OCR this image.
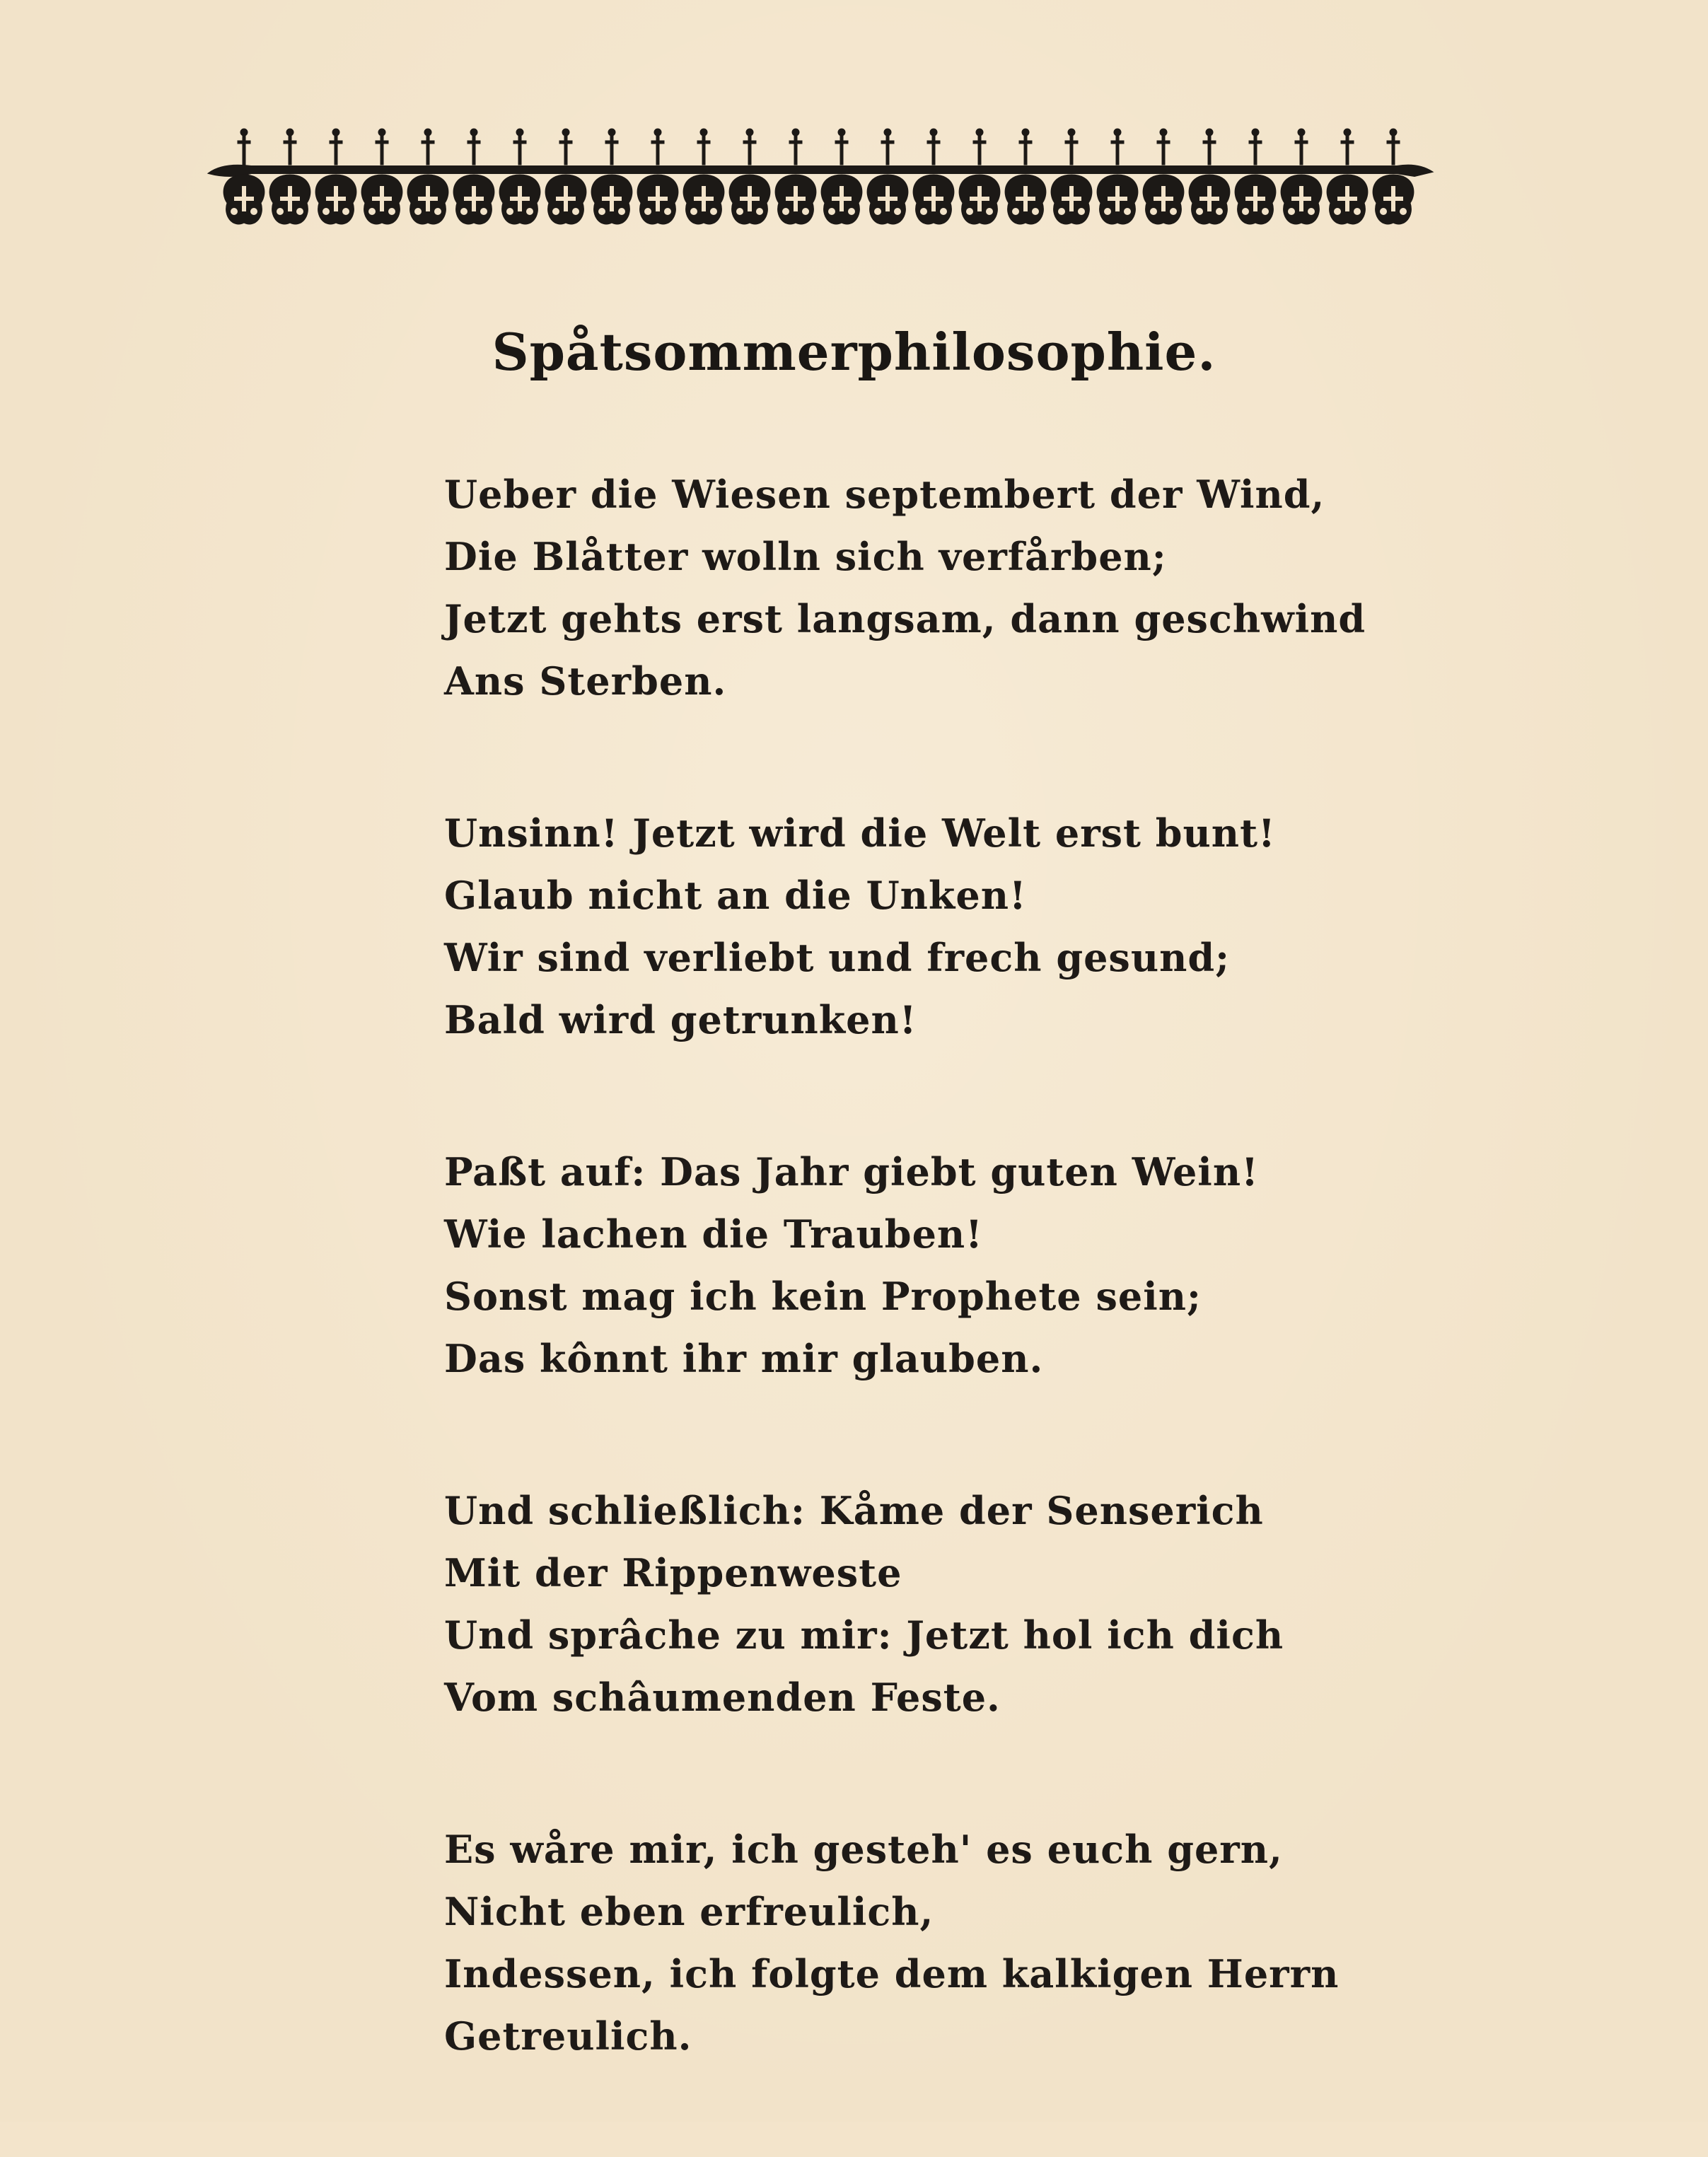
Spåtsommerphilosophie.
Ueber die Wiesen septembert der Wind,
Die Blåtter wolln sich verfårben;
Jetzt gehts erst langsam, dann geschwind
Ans Sterben.
Unsinn! Jetzt wird die Welt erst bunt!
Glaub nicht an die Unken!
Wir sind verliebt und frech gesund;
Bald wird getrunken!
Paßt auf: Das Jahr giebt guten Wein!
Wie lachen die Trauben!
Sonst mag ich kein Prophete sein;
Das kônnt ihr mir glauben.
Und schließlich: Kåme der Senserich
Mit der Rippenweste
Und sprâche zu mir: Jetzt hol ich dich
Vom schâumenden Feste.
Es wåre mir, ich gesteh' es euch gern,
Nicht eben erfreulich,
Indessen, ich folgte dem kalkigen Herrn
Getreulich.
